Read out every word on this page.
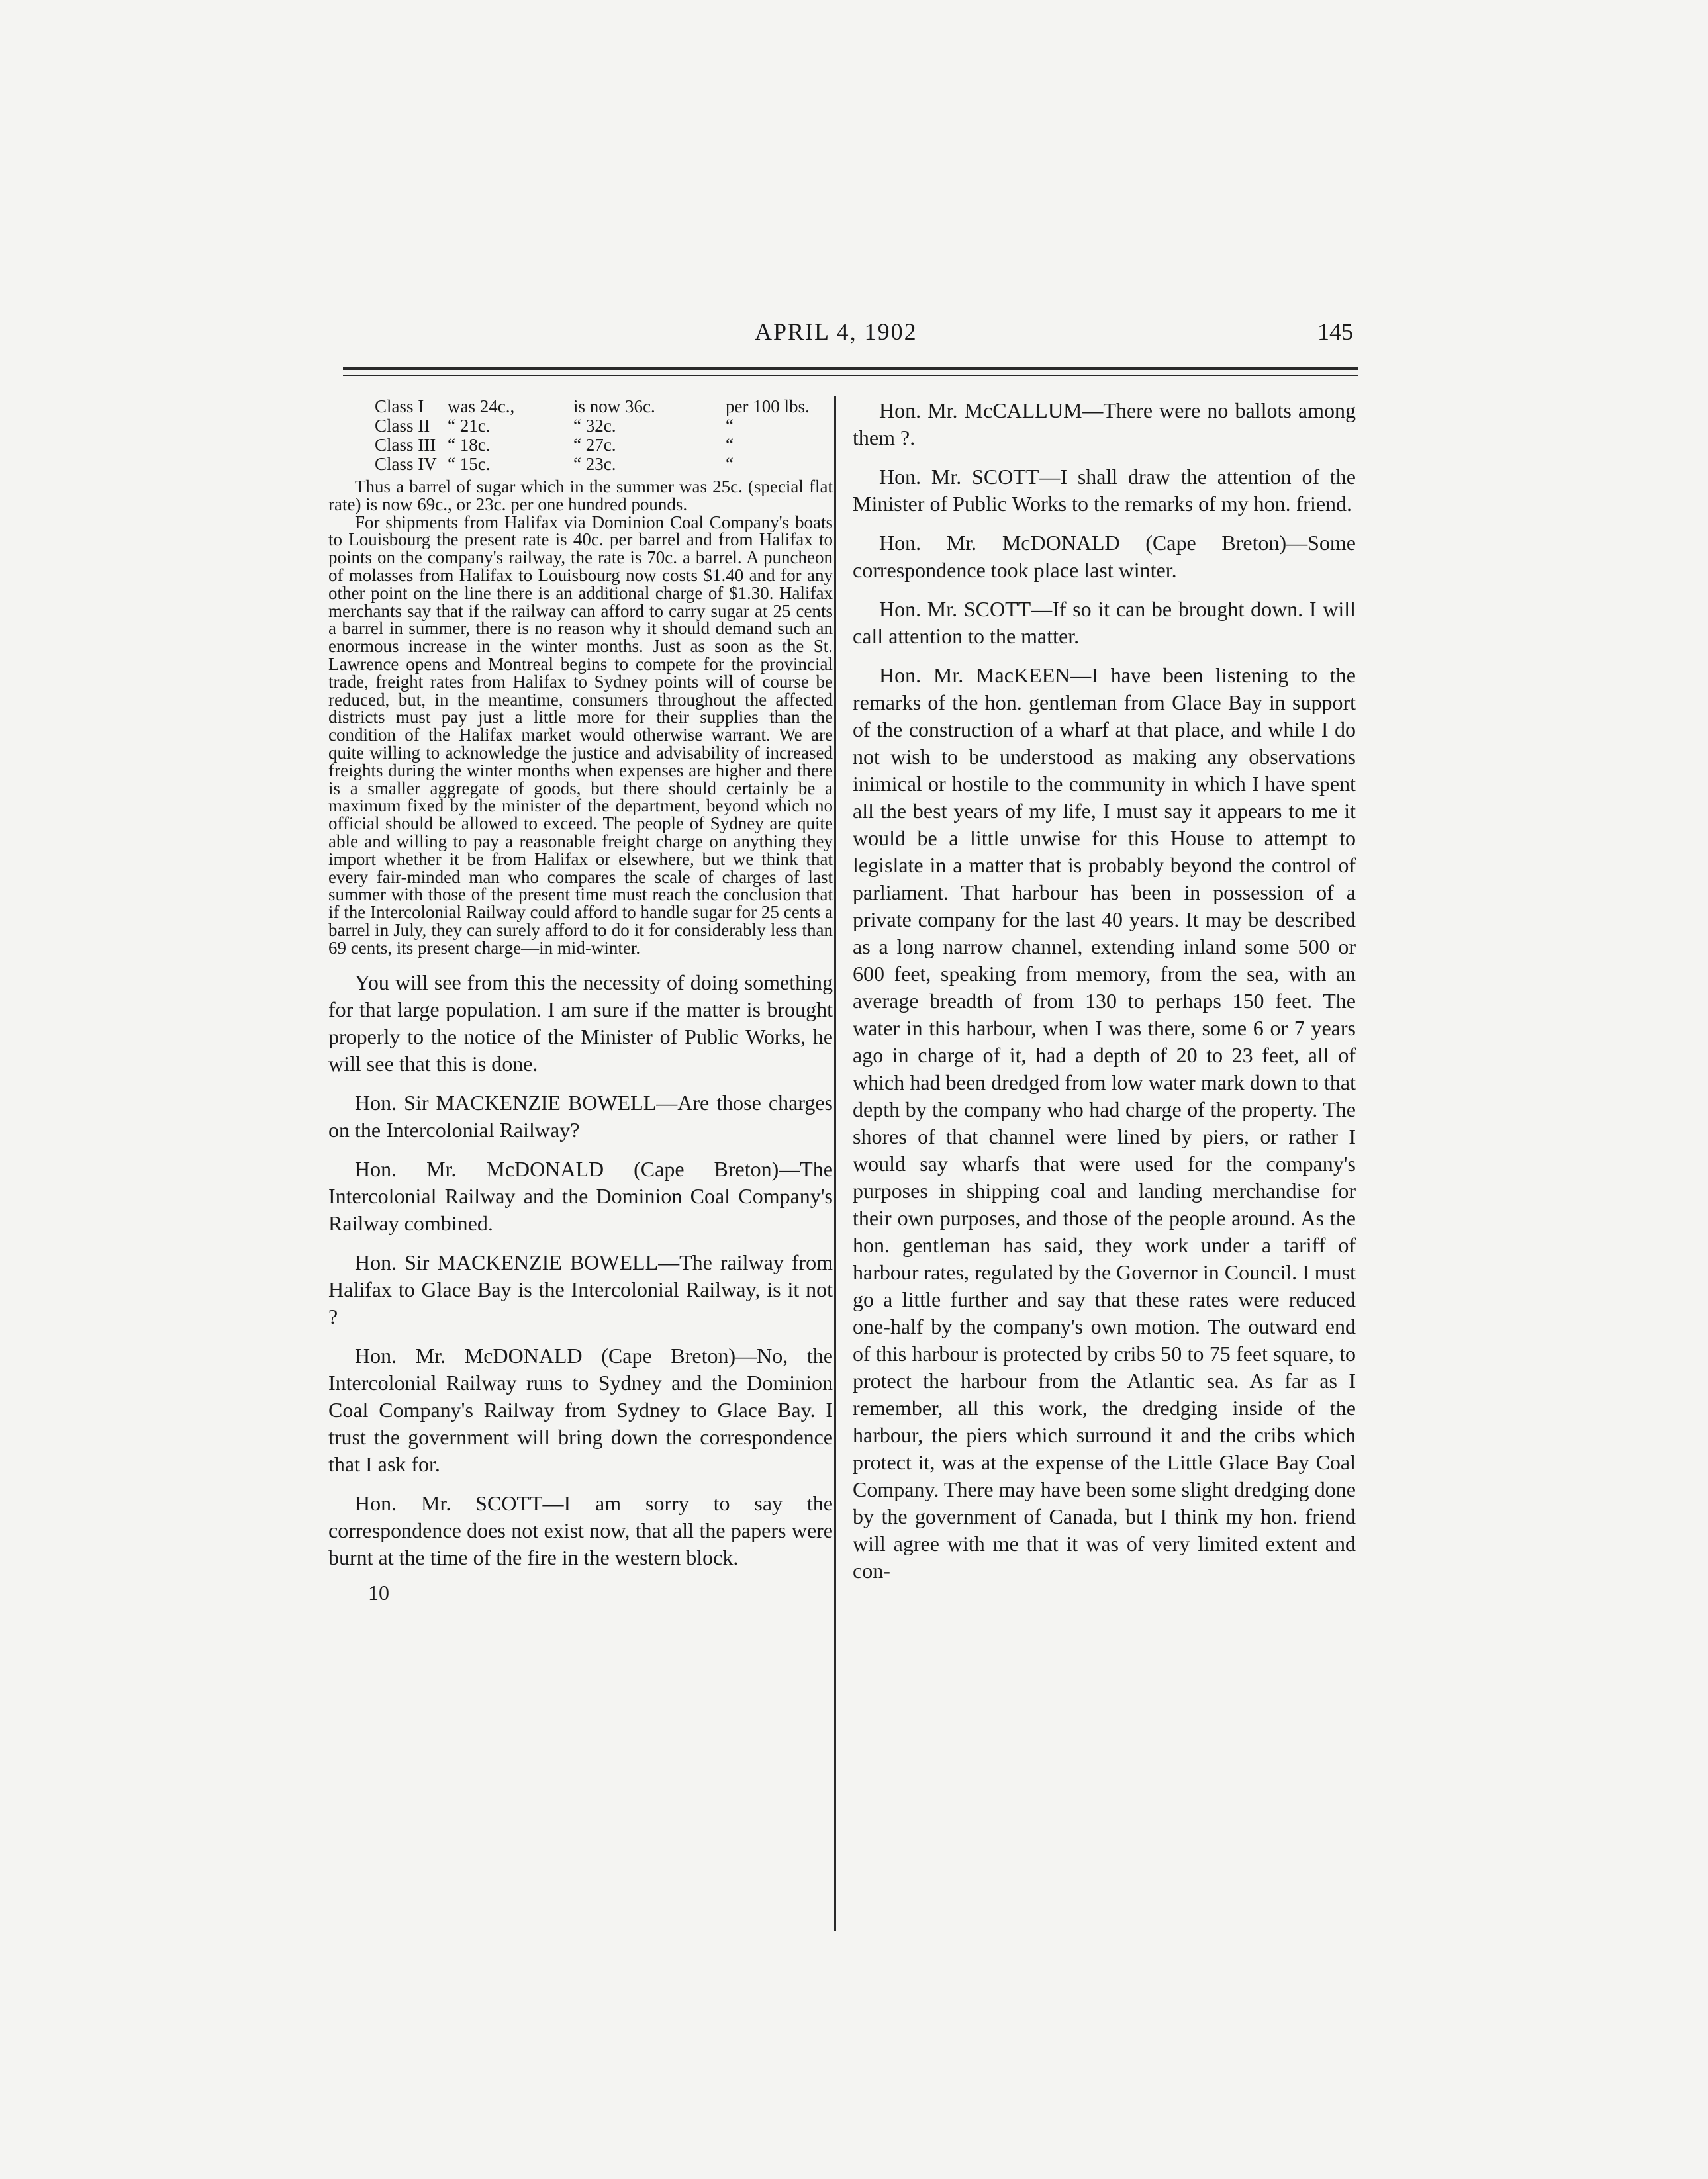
APRIL 4, 1902	145
Class I	was 24c.,	is now 36c.	per 100 lbs.
Class II “ 21c.	“ 32c.	“
Class III “ 18c.	“ 27c.	“
Class IV “ 15c.	“ 23c.	“

Thus a barrel of sugar which in the summer was 25c. (special flat rate) is now 69c., or 23c. per one hundred pounds.

For shipments from Halifax via Dominion Coal Company's boats to Louisbourg the present rate is 40c. per barrel and from Halifax to points on the company's railway, the rate is 70c. a barrel. A puncheon of molasses from Halifax to Louisbourg now costs $1.40 and for any other point on the line there is an additional charge of $1.30. Halifax merchants say that if the railway can afford to carry sugar at 25 cents a barrel in summer, there is no reason why it should demand such an enormous increase in the winter months. Just as soon as the St. Lawrence opens and Montreal begins to compete for the provincial trade, freight rates from Halifax to Sydney points will of course be reduced, but, in the meantime, consumers throughout the affected districts must pay just a little more for their supplies than the condition of the Halifax market would otherwise warrant. We are quite willing to acknowledge the justice and advisability of increased freights during the winter months when expenses are higher and there is a smaller aggregate of goods, but there should certainly be a maximum fixed by the minister of the department, beyond which no official should be allowed to exceed. The people of Sydney are quite able and willing to pay a reasonable freight charge on anything they import whether it be from Halifax or elsewhere, but we think that every fair-minded man who compares the scale of charges of last summer with those of the present time must reach the conclusion that if the Intercolonial Railway could afford to handle sugar for 25 cents a barrel in July, they can surely afford to do it for considerably less than 69 cents, its present charge—in mid-winter.

You will see from this the necessity of doing something for that large population. I am sure if the matter is brought properly to the notice of the Minister of Public Works, he will see that this is done.

Hon. Sir MACKENZIE BOWELL—Are those charges on the Intercolonial Railway?

Hon. Mr. McDONALD (Cape Breton)—The Intercolonial Railway and the Dominion Coal Company's Railway combined.

Hon. Sir MACKENZIE BOWELL—The railway from Halifax to Glace Bay is the Intercolonial Railway, is it not ?

Hon. Mr. McDONALD (Cape Breton)—No, the Intercolonial Railway runs to Sydney and the Dominion Coal Company's Railway from Sydney to Glace Bay. I trust the government will bring down the correspondence that I ask for.

Hon. Mr. SCOTT—I am sorry to say the correspondence does not exist now, that all the papers were burnt at the time of the fire in the western block.

10

Hon. Mr. McCALLUM—There were no ballots among them ?.

Hon. Mr. SCOTT—I shall draw the attention of the Minister of Public Works to the remarks of my hon. friend.

Hon. Mr. McDONALD (Cape Breton)—Some correspondence took place last winter.

Hon. Mr. SCOTT—If so it can be brought down. I will call attention to the matter.

Hon. Mr. MacKEEN—I have been listening to the remarks of the hon. gentleman from Glace Bay in support of the construction of a wharf at that place, and while I do not wish to be understood as making any observations inimical or hostile to the community in which I have spent all the best years of my life, I must say it appears to me it would be a little unwise for this House to attempt to legislate in a matter that is probably beyond the control of parliament. That harbour has been in possession of a private company for the last 40 years. It may be described as a long narrow channel, extending inland some 500 or 600 feet, speaking from memory, from the sea, with an average breadth of from 130 to perhaps 150 feet. The water in this harbour, when I was there, some 6 or 7 years ago in charge of it, had a depth of 20 to 23 feet, all of which had been dredged from low water mark down to that depth by the company who had charge of the property. The shores of that channel were lined by piers, or rather I would say wharfs that were used for the company's purposes in shipping coal and landing merchandise for their own purposes, and those of the people around. As the hon. gentleman has said, they work under a tariff of harbour rates, regulated by the Governor in Council. I must go a little further and say that these rates were reduced one-half by the company's own motion. The outward end of this harbour is protected by cribs 50 to 75 feet square, to protect the harbour from the Atlantic sea. As far as I remember, all this work, the dredging inside of the harbour, the piers which surround it and the cribs which protect it, was at the expense of the Little Glace Bay Coal Company. There may have been some slight dredging done by the government of Canada, but I think my hon. friend will agree with me that it was of very limited extent and con-
